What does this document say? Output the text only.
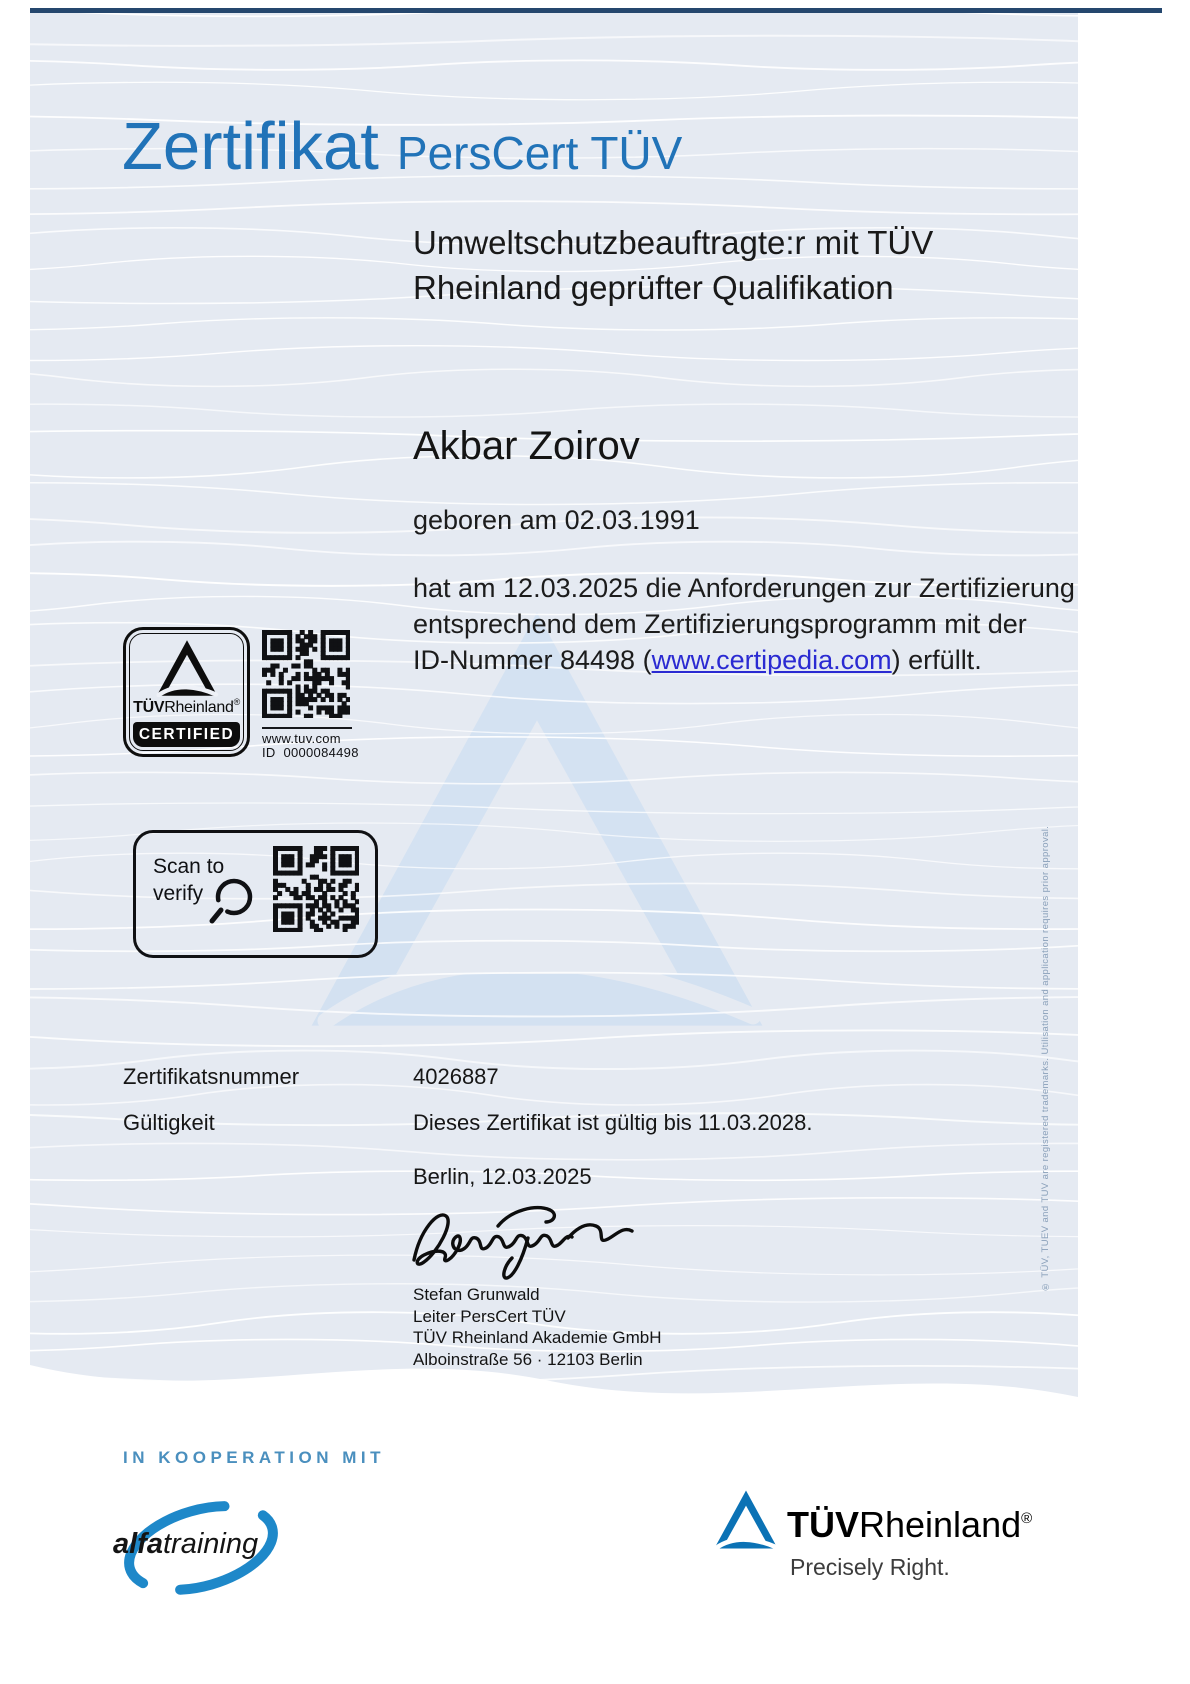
Zertifikat PersCert TÜV
Umweltschutzbeauftragte:r mit TÜV
Rheinland geprüfter Qualifikation
Akbar Zoirov
geboren am 02.03.1991
hat am 12.03.2025 die Anforderungen zur Zertifizierung
entsprechend dem Zertifizierungsprogramm mit der
ID-Nummer 84498 (www.certipedia.com) erfüllt.
TÜVRheinland®
CERTIFIED	www.tuv.com
ID 0000084498
Scan to
verify
Zertifikatsnummer	4026887
Gültigkeit	Dieses Zertifikat ist gültig bis 11.03.2028.
Berlin, 12.03.2025
Stefan Grunwald
Leiter PersCert TÜV
TÜV Rheinland Akademie GmbH
Alboinstraße 56 · 12103 Berlin
® TÜV, TUEV and TUV are registered trademarks. Utilisation and application requires prior approval.
IN KOOPERATION MIT
alfatraining	TÜVRheinland®
Precisely Right.
